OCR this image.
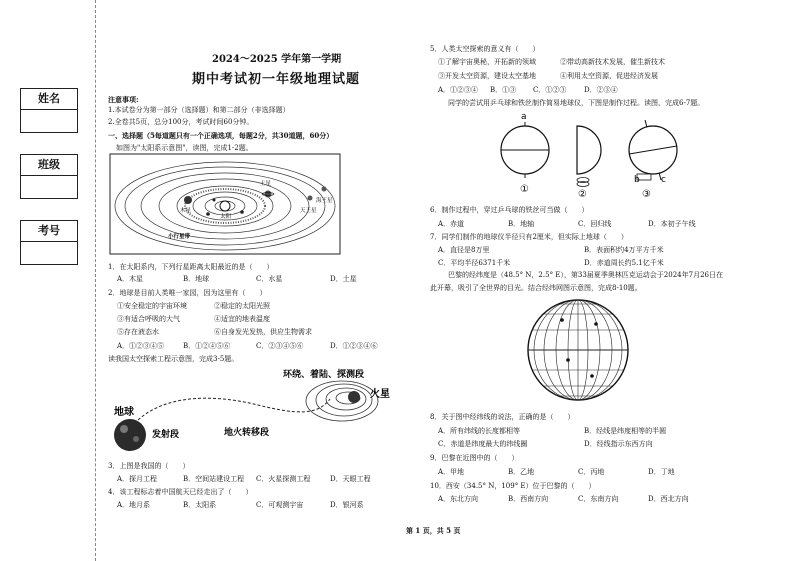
姓名
班级
考号
2024～2025 学年第一学期
期中考试初一年级地理试题
注意事项:
1.本试卷分为第一部分（选择题）和第二部分（非选择题）
2.全卷共5页，总分100分，考试时间60分钟。
一、选择题（5每道题只有一个正确选项，每题2分，共30道题，60分）
如图为"太阳系示意图"，读图，完成1-2题。
小行星带
海王星
天王星
太阳
木星
土星
1．在太阳系内，下列行星距离太阳最近的是（　　）
A．木星	B．地球	C．水星	D．土星
2．地球是目前人类唯一家园，因为这里有（　　）
①安全稳定的宇宙环境	②稳定的太阳光照
③有适合呼吸的大气	④适宜的地表温度
⑤存在液态水	⑥自身发光发热，供应生物需求
A．①②③④⑤	B．①②④⑤⑥	C．②③④⑤⑥	D．①②③④⑥
读我国太空探索工程示意图，完成3-5题。
环绕、着陆、探测段
火星
地球
发射段	地火转移段
3．上图是我国的（　　）
A．探月工程	B．空间站建设工程 C．火星探测工程	D．天眼工程
4．该工程标志着中国航天已经走出了（　　）
A．地月系	B．太阳系	C．可观测宇宙	D．银河系
5．人类太空探索的意义有（　　）
①了解宇宙奥秘，开拓新的领域	②带动高新技术发展，催生新技术
③开发太空资源，建设太空基地	④利用太空资源，促进经济发展
A．①②③④ B．①③ C．①②③	D．②③④
同学的尝试用乒乓球和铁丝制作简易地球仪，下图是制作过程。读图，完成6-7题。
a
①	②
b c
③
6．制作过程中，穿过乒乓球的铁丝可当做（　　）
A．赤道	B．地轴	C．回归线	D．本初子午线
7．同学们制作的地球仪半径只有2厘米，但实际上地球（　　）
A．直径是8万里	B．表面积约4万平方千米
C．平均半径6371千米	D．赤道周长约5.1亿千米
巴黎的经纬度是（48.5° N，2.5° E），第33届夏季奥林匹克运动会于2024年7月26日在
此开幕，吸引了全世界的目光。结合经纬网图示意图，完成8-10题。
8．关于图中经纬线的说法，正确的是（　　）
A．所有纬线的长度都相等	B．经线是纬度相等的半圆
C．赤道是纬度最大的纬线圈	D．经线指示东西方向
9．巴黎在近图中的（　　）
A．甲地	B．乙地	C．丙地	D．丁地
10．西安（34.5° N，109° E）位于巴黎的（　　）
A．东北方向	B．西南方向	C．东南方向	D．西北方向
第 1 页，共 5 页
